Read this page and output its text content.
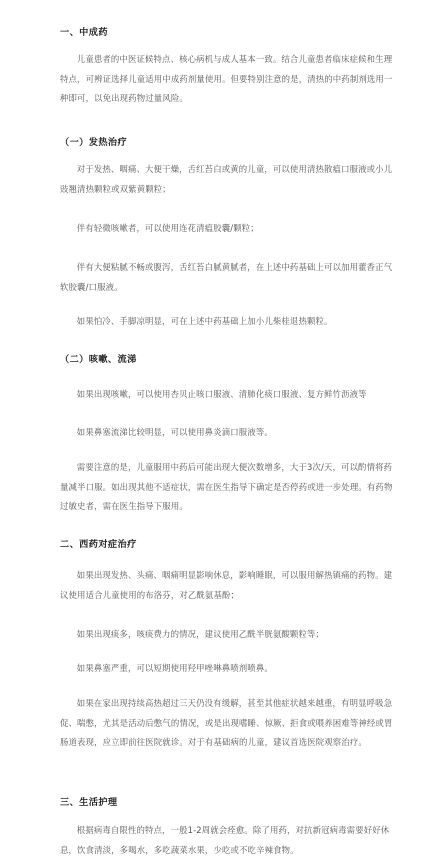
一、中成药

儿童患者的中医证候特点、核心病机与成人基本一致。结合儿童患者临床症候和生理特点，可辨证选择儿童适用中成药剂量使用。但要特别注意的是，清热的中药制剂选用一种即可，以免出现药物过量风险。

（一）发热治疗

对于发热、咽痛、大便干燥，舌红苔白或黄的儿童，可以使用清热散瘟口服液或小儿豉翘清热颗粒或双紫黄颗粒；

伴有轻微咳嗽者，可以使用连花清瘟胶囊/颗粒；

伴有大便粘腻不畅或腹泻，舌红苔白腻黄腻者，在上述中药基础上可以加用藿香正气软胶囊/口服液。

如果怕冷、手脚凉明显，可在上述中药基础上加小儿柴桂退热颗粒。

（二）咳嗽、流涕

如果出现咳嗽，可以使用杏贝止咳口服液、清肺化痰口服液、复方鲜竹沥液等

如果鼻塞流涕比较明显，可以使用鼻炎滴口服液等。

需要注意的是，儿童服用中药后可能出现大便次数增多，大于3次/天，可以酌情将药量减半口服。如出现其他不适症状，需在医生指导下确定是否停药或进一步处理。有药物过敏史者，需在医生指导下服用。

二、西药对症治疗

如果出现发热、头痛、咽痛明显影响休息，影响睡眠，可以服用解热镇痛的药物。建议使用适合儿童使用的布洛芬，对乙酰氨基酚；

如果出现痰多，咳痰费力的情况，建议使用乙酰半胱氨酸颗粒等；

如果鼻塞严重，可以短期使用羟甲唑啉鼻喷剂喷鼻。

如果在家出现持续高热超过三天仍没有缓解，甚至其他症状越来越重，有明显呼吸急促、喘憋，尤其是活动后憋气的情况，或是出现嗜睡、惊厥、拒食或喂养困难等神经或胃肠道表现，应立即前往医院就诊。对于有基础病的儿童，建议首选医院观察治疗。

三、生活护理

根据病毒自限性的特点，一般1-2周就会痊愈。除了用药，对抗新冠病毒需要好好休息，饮食清淡，多喝水，多吃蔬菜水果，少吃或不吃辛辣食物。
